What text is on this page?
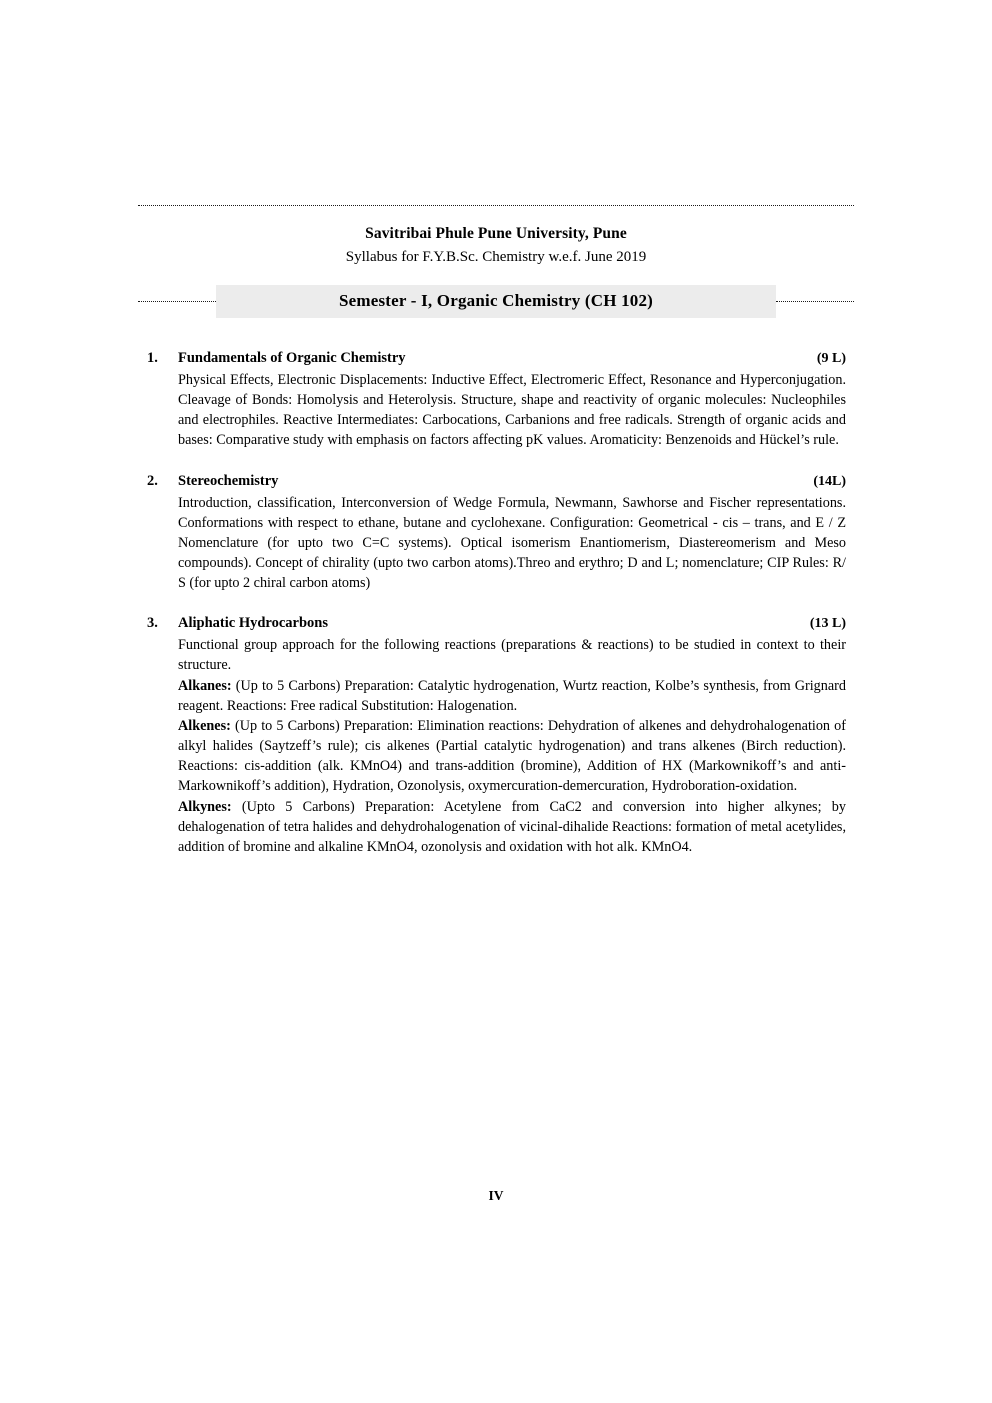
Savitribai Phule Pune University, Pune
Syllabus for F.Y.B.Sc. Chemistry w.e.f. June 2019
Semester - I, Organic Chemistry (CH 102)
1.	Fundamentals of Organic Chemistry	(9 L)

Physical Effects, Electronic Displacements: Inductive Effect, Electromeric Effect, Resonance and Hyperconjugation. Cleavage of Bonds: Homolysis and Heterolysis. Structure, shape and reactivity of organic molecules: Nucleophiles and electrophiles. Reactive Intermediates: Carbocations, Carbanions and free radicals. Strength of organic acids and bases: Comparative study with emphasis on factors affecting pK values. Aromaticity: Benzenoids and Hückel’s rule.

2.	Stereochemistry	(14L)

Introduction, classification, Interconversion of Wedge Formula, Newmann, Sawhorse and Fischer representations. Conformations with respect to ethane, butane and cyclohexane. Configuration: Geometrical - cis – trans, and E / Z Nomenclature (for upto two C=C systems). Optical isomerism Enantiomerism, Diastereomerism and Meso compounds). Concept of chirality (upto two carbon atoms).Threo and erythro; D and L; nomenclature; CIP Rules: R/ S (for upto 2 chiral carbon atoms)

3.	Aliphatic Hydrocarbons	(13 L)

Functional group approach for the following reactions (preparations & reactions) to be studied in context to their structure.

Alkanes: (Up to 5 Carbons) Preparation: Catalytic hydrogenation, Wurtz reaction, Kolbe’s synthesis, from Grignard reagent. Reactions: Free radical Substitution: Halogenation.

Alkenes: (Up to 5 Carbons) Preparation: Elimination reactions: Dehydration of alkenes and dehydrohalogenation of alkyl halides (Saytzeff’s rule); cis alkenes (Partial catalytic hydrogenation) and trans alkenes (Birch reduction). Reactions: cis-addition (alk. KMnO4) and trans-addition (bromine), Addition of HX (Markownikoff’s and anti-Markownikoff’s addition), Hydration, Ozonolysis, oxymercuration-demercuration, Hydroboration-oxidation.

Alkynes: (Upto 5 Carbons) Preparation: Acetylene from CaC2 and conversion into higher alkynes; by dehalogenation of tetra halides and dehydrohalogenation of vicinal-dihalide Reactions: formation of metal acetylides, addition of bromine and alkaline KMnO4, ozonolysis and oxidation with hot alk. KMnO4.

IV
